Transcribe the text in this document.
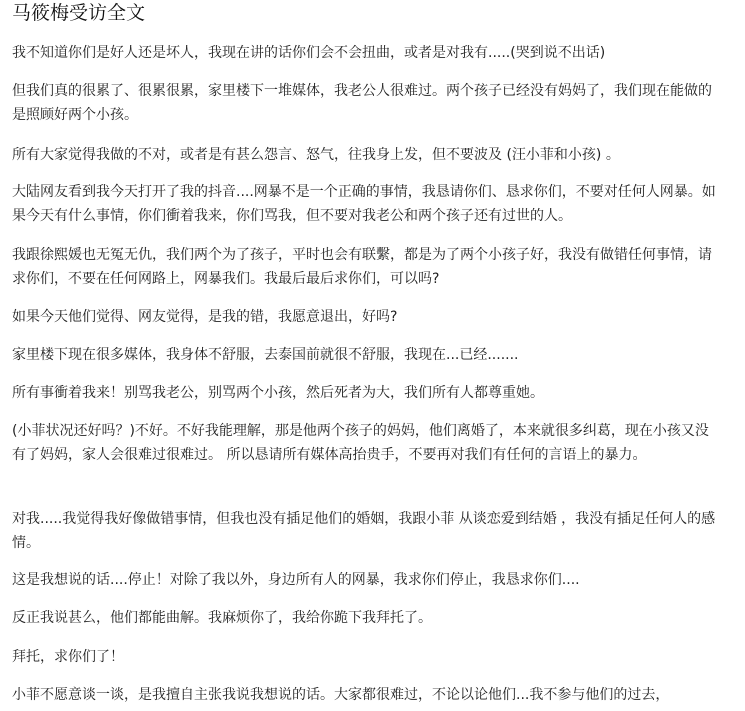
马筱梅受访全文

我不知道你们是好人还是坏人，我现在讲的话你们会不会扭曲，或者是对我有.....(哭到说不出话)

但我们真的很累了、很累很累，家里楼下一堆媒体，我老公人很难过。两个孩子已经没有妈妈了，我们现在能做的是照顾好两个小孩。

所有大家觉得我做的不对，或者是有甚么怨言、怒气，往我身上发，但不要波及 (汪小菲和小孩) 。

大陆网友看到我今天打开了我的抖音....网暴不是一个正确的事情，我恳请你们、恳求你们，不要对任何人网暴。如果今天有什么事情，你们衝着我来，你们骂我，但不要对我老公和两个孩子还有过世的人。

我跟徐熙媛也无冤无仇，我们两个为了孩子，平时也会有联繫，都是为了两个小孩子好，我没有做错任何事情，请求你们，不要在任何网路上，网暴我们。我最后最后求你们，可以吗?

如果今天他们觉得、网友觉得，是我的错，我愿意退出，好吗?

家里楼下现在很多媒体，我身体不舒服，去泰国前就很不舒服，我现在...已经.......

所有事衝着我来！别骂我老公，别骂两个小孩，然后死者为大，我们所有人都尊重她。

(小菲状况还好吗？)不好。不好我能理解，那是他两个孩子的妈妈，他们离婚了，本来就很多纠葛，现在小孩又没有了妈妈，家人会很难过很难过。 所以恳请所有媒体高抬贵手，不要再对我们有任何的言语上的暴力。

对我.....我觉得我好像做错事情，但我也没有插足他们的婚姻，我跟小菲 从谈恋爱到结婚 ，我没有插足任何人的感情。

这是我想说的话....停止！对除了我以外，身边所有人的网暴，我求你们停止，我恳求你们....

反正我说甚么，他们都能曲解。我麻烦你了，我给你跪下我拜托了。

拜托，求你们了！

小菲不愿意谈一谈，是我擅自主张我说我想说的话。大家都很难过，不论以论他们...我不参与他们的过去，
